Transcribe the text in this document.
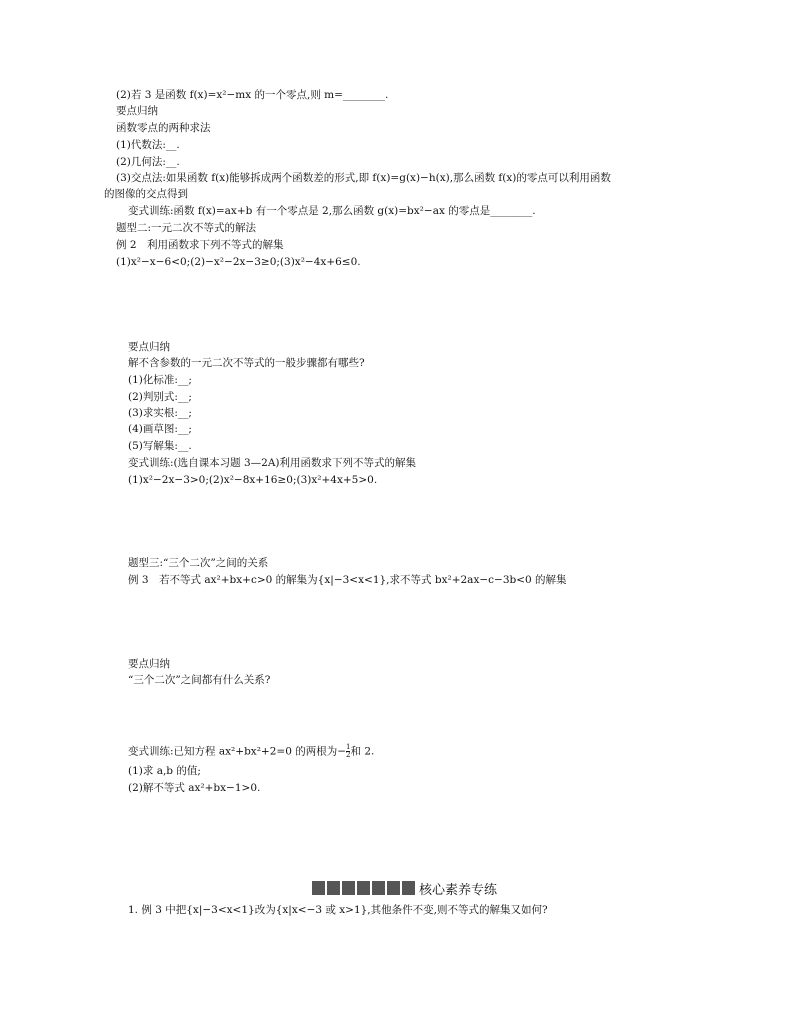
(2)若 3 是函数 f(x)=x²−mx 的一个零点,则 m=________.
要点归纳
函数零点的两种求法
(1)代数法:__.
(2)几何法:__.
(3)交点法:如果函数 f(x)能够拆成两个函数差的形式,即 f(x)=g(x)−h(x),那么函数 f(x)的零点可以利用函数
的图像的交点得到
变式训练:函数 f(x)=ax+b 有一个零点是 2,那么函数 g(x)=bx²−ax 的零点是________.
题型二:一元二次不等式的解法
例 2　利用函数求下列不等式的解集
(1)x²−x−6<0;(2)−x²−2x−3≥0;(3)x²−4x+6≤0.
要点归纳
解不含参数的一元二次不等式的一般步骤都有哪些?
(1)化标准:__;
(2)判别式:__;
(3)求实根:__;
(4)画草图:__;
(5)写解集:__.
变式训练:(选自课本习题 3—2A)利用函数求下列不等式的解集
(1)x²−2x−3>0;(2)x²−8x+16≥0;(3)x²+4x+5>0.
题型三:“三个二次”之间的关系
例 3　若不等式 ax²+bx+c>0 的解集为{x|−3<x<1},求不等式 bx²+2ax−c−3b<0 的解集
要点归纳
“三个二次”之间都有什么关系?
变式训练:已知方程 ax²+bx²+2=0 的两根为− $\frac{1}{2}$ 和 2.
(1)求 a,b 的值;
(2)解不等式 ax²+bx−1>0.
核心素养专练
1. 例 3 中把{x|−3<x<1}改为{x|x<−3 或 x>1},其他条件不变,则不等式的解集又如何?
